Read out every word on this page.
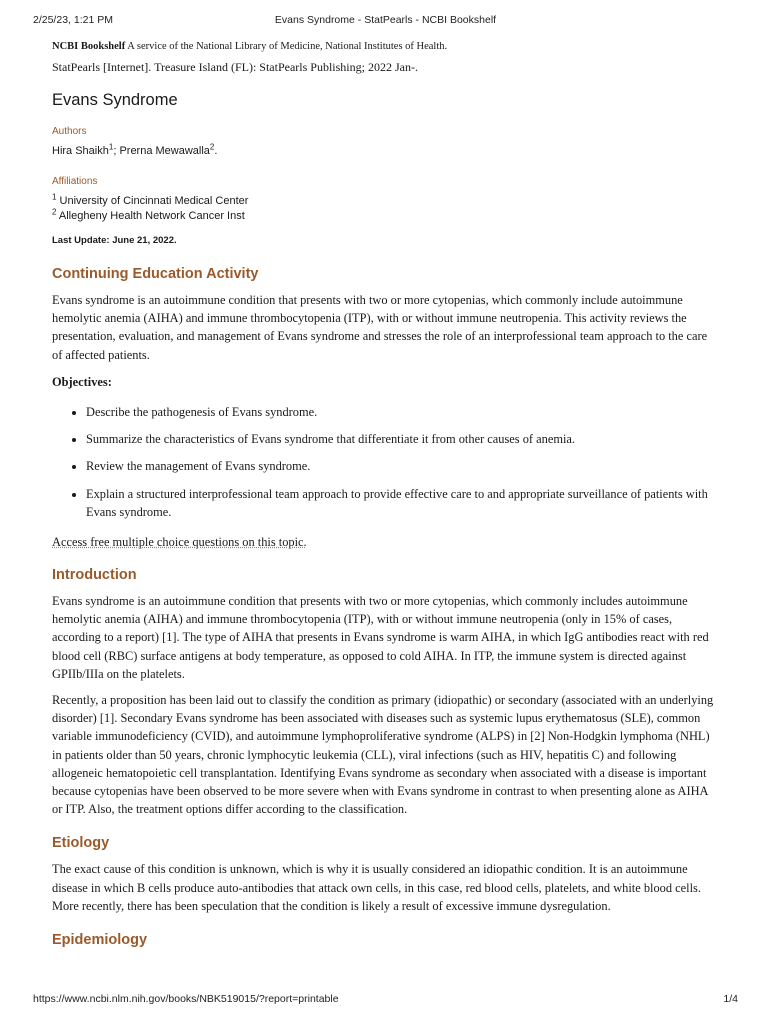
2/25/23, 1:21 PM	Evans Syndrome - StatPearls - NCBI Bookshelf

NCBI Bookshelf A service of the National Library of Medicine, National Institutes of Health.

StatPearls [Internet]. Treasure Island (FL): StatPearls Publishing; 2022 Jan-.

Evans Syndrome
Authors
Hira Shaikh$^1$; Prerna Mewawalla$^2$.
Affiliations

$^1$ University of Cincinnati Medical Center

$^2$ Allegheny Health Network Cancer Inst

Last Update: June 21, 2022.

Continuing Education Activity

Evans syndrome is an autoimmune condition that presents with two or more cytopenias, which commonly include autoimmune hemolytic anemia (AIHA) and immune thrombocytopenia (ITP), with or without immune neutropenia. This activity reviews the presentation, evaluation, and management of Evans syndrome and stresses the role of an interprofessional team approach to the care of affected patients.

Objectives:

• Describe the pathogenesis of Evans syndrome.
• Summarize the characteristics of Evans syndrome that differentiate it from other causes of anemia.
• Review the management of Evans syndrome.
• Explain a structured interprofessional team approach to provide effective care to and appropriate surveillance of patients with Evans syndrome.
Access free multiple choice questions on this topic.
Introduction

Evans syndrome is an autoimmune condition that presents with two or more cytopenias, which commonly includes autoimmune hemolytic anemia (AIHA) and immune thrombocytopenia (ITP), with or without immune neutropenia (only in 15% of cases, according to a report) [1]. The type of AIHA that presents in Evans syndrome is warm AIHA, in which IgG antibodies react with red blood cell (RBC) surface antigens at body temperature, as opposed to cold AIHA. In ITP, the immune system is directed against GPIIb/IIIa on the platelets.

Recently, a proposition has been laid out to classify the condition as primary (idiopathic) or secondary (associated with an underlying disorder) [1]. Secondary Evans syndrome has been associated with diseases such as systemic lupus erythematosus (SLE), common variable immunodeficiency (CVID), and autoimmune lymphoproliferative syndrome (ALPS) in [2] Non-Hodgkin lymphoma (NHL) in patients older than 50 years, chronic lymphocytic leukemia (CLL), viral infections (such as HIV, hepatitis C) and following allogeneic hematopoietic cell transplantation. Identifying Evans syndrome as secondary when associated with a disease is important because cytopenias have been observed to be more severe when with Evans syndrome in contrast to when presenting alone as AIHA or ITP. Also, the treatment options differ according to the classification.

Etiology

The exact cause of this condition is unknown, which is why it is usually considered an idiopathic condition. It is an autoimmune disease in which B cells produce auto-antibodies that attack own cells, in this case, red blood cells, platelets, and white blood cells. More recently, there has been speculation that the condition is likely a result of excessive immune dysregulation.

Epidemiology
https://www.ncbi.nlm.nih.gov/books/NBK519015/?report=printable	1/4
